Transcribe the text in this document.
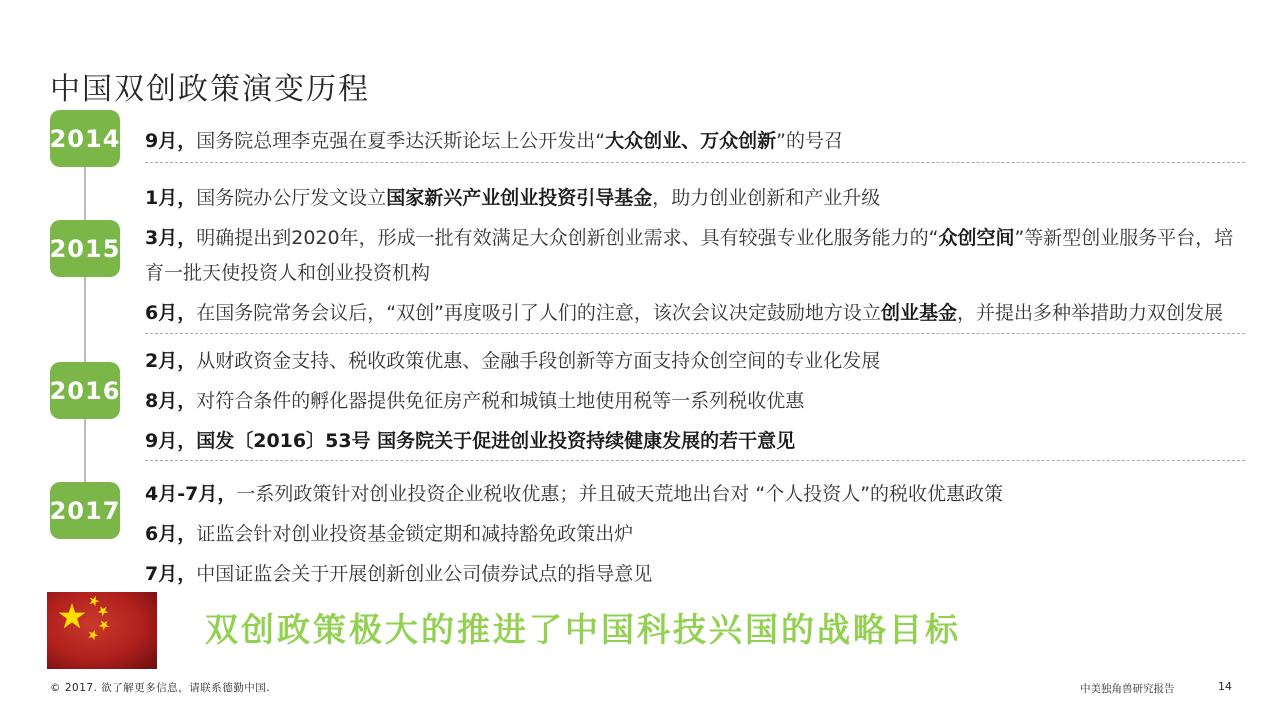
中国双创政策演变历程
2014
2015
2016
2017

9月，国务院总理李克强在夏季达沃斯论坛上公开发出“大众创业、万众创新”的号召

1月，国务院办公厅发文设立国家新兴产业创业投资引导基金，助力创业创新和产业升级

3月，明确提出到2020年，形成一批有效满足大众创新创业需求、具有较强专业化服务能力的“众创空间”等新型创业服务平台，培育一批天使投资人和创业投资机构

6月，在国务院常务会议后，“双创”再度吸引了人们的注意，该次会议决定鼓励地方设立创业基金，并提出多种举措助力双创发展

2月，从财政资金支持、税收政策优惠、金融手段创新等方面支持众创空间的专业化发展

8月，对符合条件的孵化器提供免征房产税和城镇土地使用税等一系列税收优惠

9月，国发〔2016〕53号 国务院关于促进创业投资持续健康发展的若干意见

4月-7月，一系列政策针对创业投资企业税收优惠；并且破天荒地出台对 “个人投资人”的税收优惠政策

6月，证监会针对创业投资基金锁定期和减持豁免政策出炉

7月，中国证监会关于开展创新创业公司债券试点的指导意见

双创政策极大的推进了中国科技兴国的战略目标
© 2017. 欲了解更多信息，请联系德勤中国.	中美独角兽研究报告	14
